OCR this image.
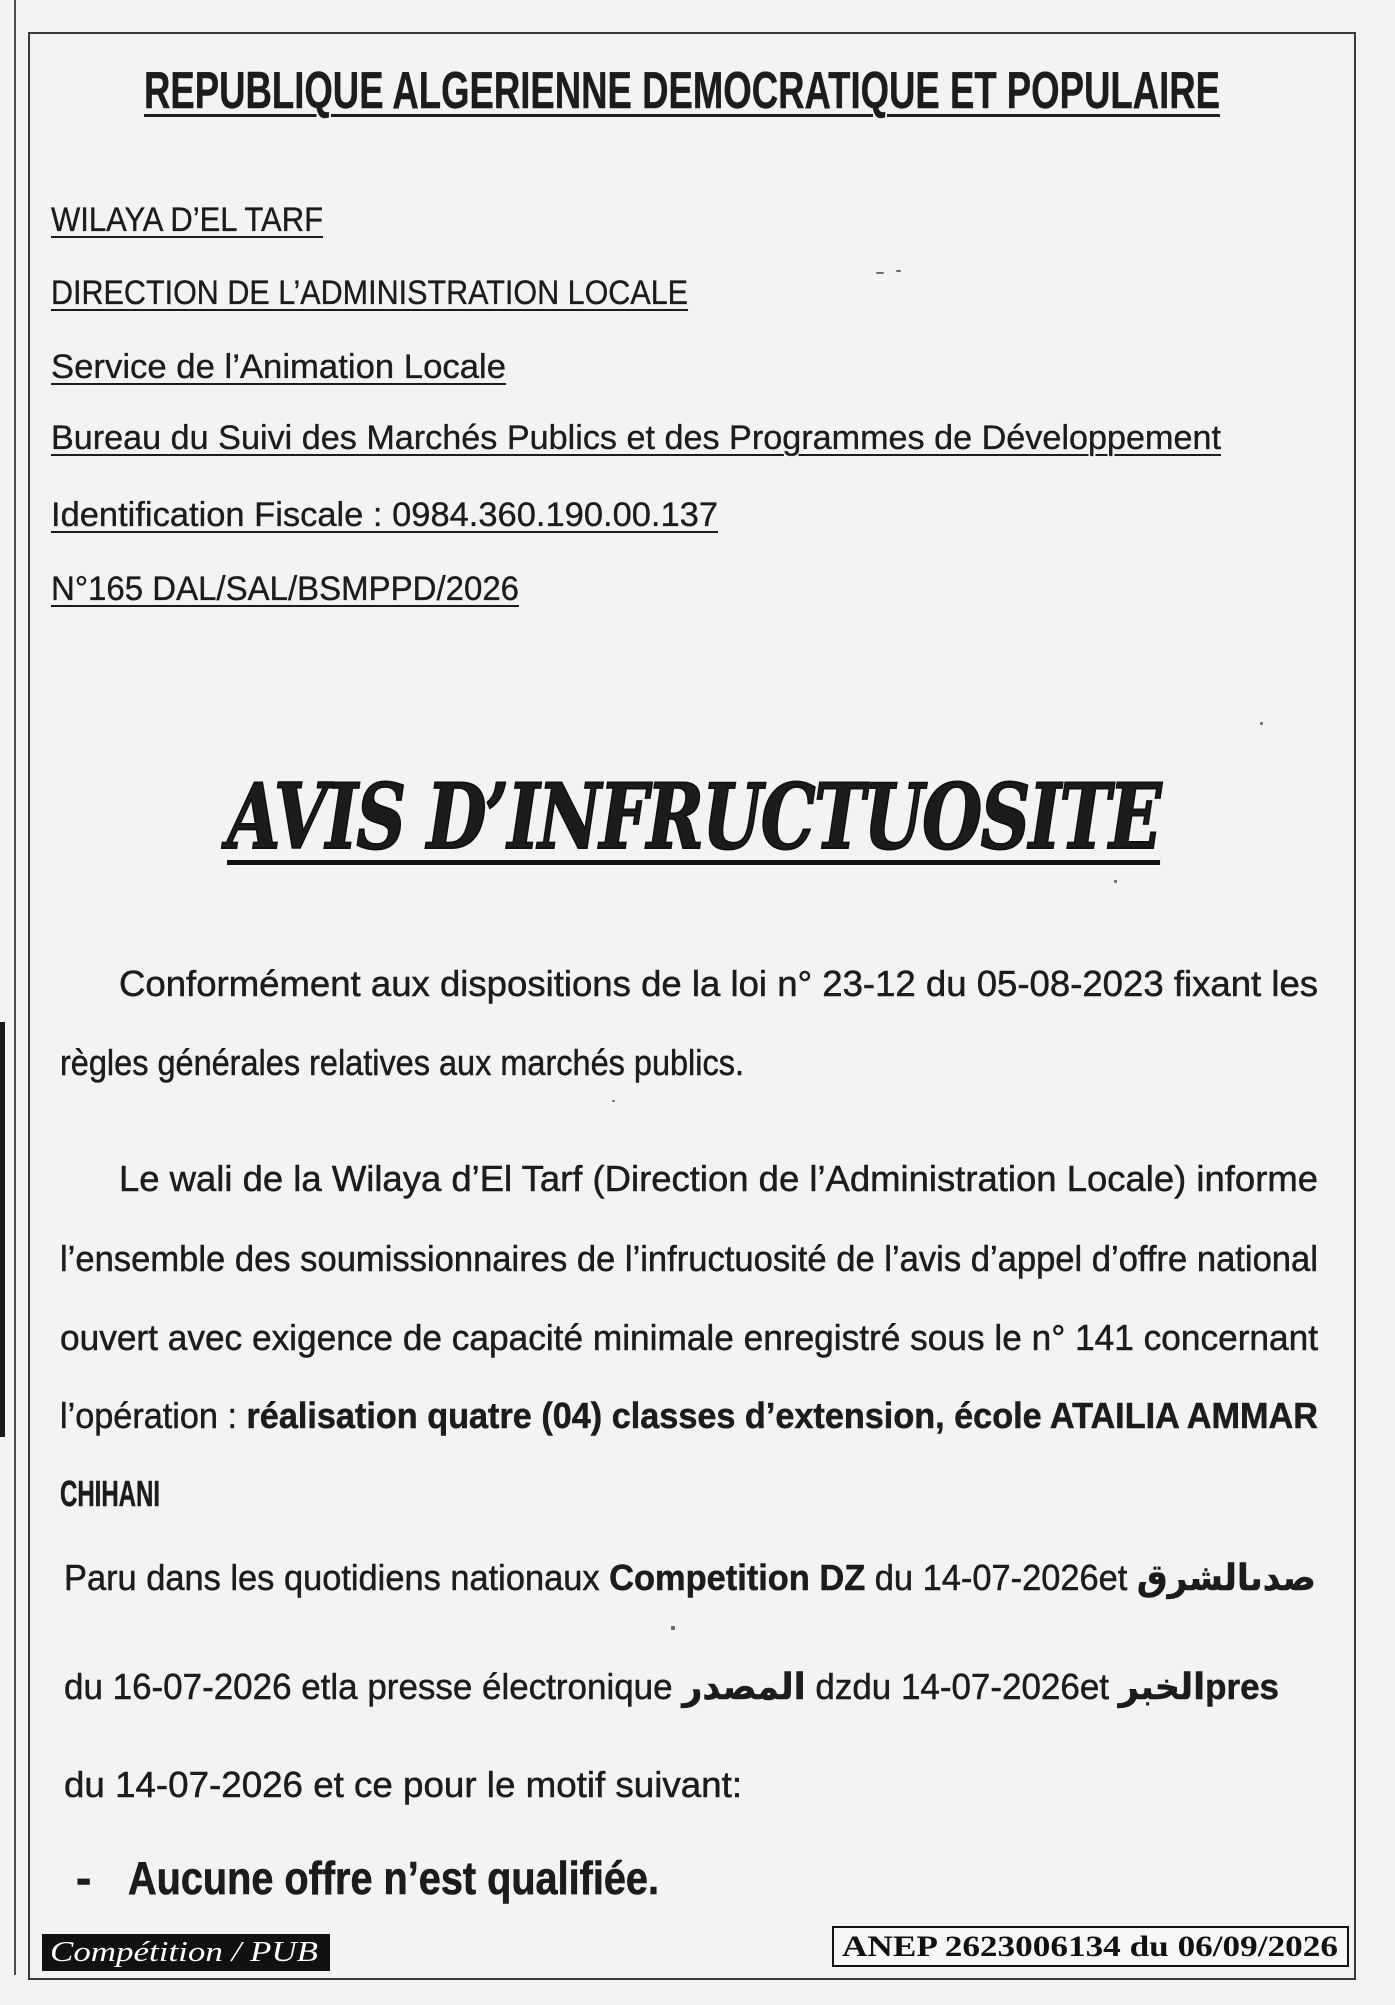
REPUBLIQUE ALGERIENNE DEMOCRATIQUE ET POPULAIRE
WILAYA D’EL TARF
DIRECTION DE L’ADMINISTRATION LOCALE
Service de l’Animation Locale
Bureau du Suivi des Marchés Publics et des Programmes de Développement
Identification Fiscale : 0984.360.190.00.137
N°165 DAL/SAL/BSMPPD/2026
AVIS D’INFRUCTUOSITE
Conformément aux dispositions de la loi n° 23-12 du 05-08-2023 fixant les
règles générales relatives aux marchés publics.
Le wali de la Wilaya d’El Tarf (Direction de l’Administration Locale) informe
l’ensemble des soumissionnaires de l’infructuosité de l’avis d’appel d’offre national
ouvert avec exigence de capacité minimale enregistré sous le n° 141 concernant
l’opération : réalisation quatre (04) classes d’extension, école ATAILIA AMMAR
CHIHANI
Paru dans les quotidiens nationaux Competition DZ du 14-07-2026et صدىالشرق
du 16-07-2026 etla presse électronique المصدر dzdu 14-07-2026et الخبرpres
du 14-07-2026 et ce pour le motif suivant:
- Aucune offre n’est qualifiée.
Compétition / PUB	ANEP 2623006134 du 06/09/2026
